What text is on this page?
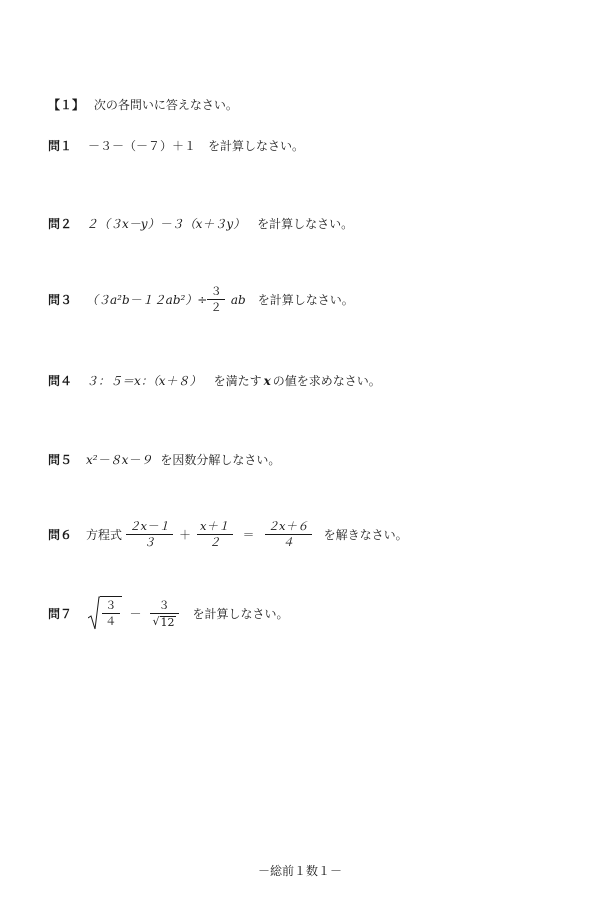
【１】 次の各問いに答えなさい。
問１ －３－（－７）＋１ を計算しなさい。
問２ ２（３x－y）－３（x＋３y） を計算しなさい。
問３ $(3a^2b-12ab^2)\div \frac{3}{2}$ ab を計算しなさい。
問４ ３：５＝x：（x＋８） を満たす x の値を求めなさい。
問５ x²－８x－９ を因数分解しなさい。
問６ 方程式 $\frac{2x-1}{3} + \frac{x+1}{2} = \frac{2x+6}{4}$ を解きなさい。
問７	$\frac{3}{4} - \frac{3}{√ 12}$ を計算しなさい。
－総前１数１－
